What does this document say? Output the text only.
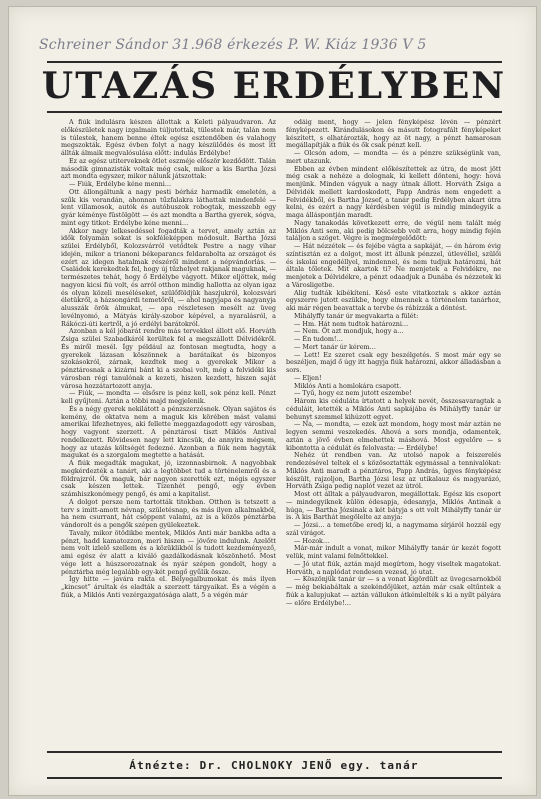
Schreiner Sándor 31.968 érkezés P. W. Kiáz 1936 V 5
UTAZÁS ERDÉLYBEN

A fiúk indulásra készen állottak a Keleti pályaudvaron. Az előkészületek nagy izgalmain túljutottak, tülestek már, talán nem is túlestek, hanem benne éltek egész esztendőben és valahogy megszokták. Egész évben folyt a nagy készülődés és most itt állták álmaik megvalósulása előtt: indulás Erdélybe!

Ez az egész utiterveknek ötlet eszméje először kezdődött. Talán második gimnazisták voltak még csak, mikor a kis Bartha Józsi azt mondta egyszer, mikor nálunk játszottak:

— Fiúk, Erdélybe kéne menni…

Ott állongáltunk a nagy pesti bérház harmadik emeletén, a szűk kis verandán, ahonnan tűzfalakra láthattak mindenfelé — lent villamosok, autók és autóbuszok robogtak, messzebb egy gyár kéménye füstölgött — és azt mondta a Bartha gyerek, sógva, mint egy titkot: Erdélybe kéne menni…

Akkor nagy lelkesedéssel fogadták a tervet, amely aztán az idők folyamán sokat is sokféleképpen módosult. Bartha Józsi szülei Erdélyből, Kolozsvárról vetődtek Pestre a nagy vihar idején, mikor a trianoni békeparancs feldarabolta az országot és ezért az idegen hatalmak részéről mindent a népvándorlás. — Családok kerekedtek fel, hogy új tűzhelyet rakjanak maguknak, — természetes tehát, hogy ő Erdélybe vágyott. Mikor eljöttek, még nagyon kicsi fiú volt, és arról otthon mindig hallotta az olyan igaz és olyan közeli meséléseket, szülőföldjük haszjukról, kolozsvári életükről, a házsongárdi temetőről, — ahol nagyjapa és nagyanyja alusszák örök álmukat, — apa részletesen mesélt az üveg levélnyomó, a Mátyás király-szobor képével, a nyaralásról, a Rákóczi-úti kertről, a jó erdélyi barátokról.

Azonban a kél jóbarát rendre más tervekkel állott elő. Horváth Zsiga szülei Szabadkáról kerültek fel a megszállott Délvidékről. És miről mesél. Így például az fontosan megtudta, hogy a gyerekek lázasan köszönnek a barátaikat és bizonyos szokásokról, zárnak, kezdtek meg a gyerekek Mikor a pénztárosnak a kizárni bánt ki a szobai volt, még a felvidéki kis városban régi tanulónak a kezeti, hiszen kezdett, hiszen saját városa hozzátartozott anyja.

— Fiúk, — mondta — elsősre is pénz kell, sok pénz kell. Pénzt kell gyűjteni. Aztán a többi majd megjelenik.

És a négy gyerek nekilátott a pénzszerzésnek. Olyan sajátos és kemény, de oktatva nem a maguk kis körében mást valami amerikai lifezhetnyes, aki fellette meggazdagodott egy városban, hogy vagyont szerzett. A pénztárosi tiszt Miklós Antival rendelkezett. Rövidesen nagy lett kincsük, de annyira mégsem, hogy az utazás költségét fedezné. Azonban a fiúk nem hagyták magukat és a szorgalom megtette a hatását.

A fiúk megadták magukat, jó, izzonnasbirnok. A nagyobbak megkérdezték a tanárt, aki a legtöbbet tud a történelemről és a földrajzról. Ők maguk, bár nagyon szerették ezt, mégis egyszer csak készen lettek. Tizenhét pengő, egy évben számhiszkonómegy pengő, és ami a kapitalist.

A dolgot persze nem tartották titokban. Otthon is tetszett a terv s imitt-amott névnap, születésnap, és más ilyen alkalmakból, ha nem csurrant, hát csöppent valami, az is a közös pénztárba vándorolt és a pengők szépen gyülekeztek.

Tavaly, mikor ötödikbe mentek, Miklós Anti már bankba adta a pénzt, hadd kamatozzon, meri hiszen — jövőre indulunk. Azelőtt nem volt izlelő szellem és a közüklikból is tudott kezdeményező, ami egész év alatt a kiváló gazdálkodásnak köszönhető. Most vége lett a húszsorozatnak és nyár szépen gondolt, hogy a pénztárba még legalább egy-két pengő gyűlik össze.

Így hitte — javára rakta el. Bélyegalbumokat és más ilyen „kincset” árultak és eladták a szerzett tárgyaikat. És a végén a fiúk, a Miklós Anti vezérgazgatósága alatt, 5 a végén már

odáig ment, hogy — jelen fényképész lévén — pénzért fényképezett. Kirándulásokon és másutt fotografált fényképeket készített, s elhatározták, hogy az öt nagy, a pénzt hamarosan megállapítják a fiúk és ők csak pénzt kell.

— Olcsón adom, — mondta — és a pénzre szükségünk van, mert utazunk.

Ebben az évben mindent előkészítettek az útra, de most jött még csak a nehéze a dolognak, ki kellett dönteni, hogy: hová menjünk. Minden vágyuk a nagy útnak állott. Horváth Zsiga a Délvidék mellett kardoskodott, Papp András nem engedett a Felvidékből, és Bartha József, a tanár pedig Erdélyben akart útra kelni, és ezért a nagy kérdésben végül is mindig mindegyik a maga álláspontján maradt.

Nagy tanakodás következett erre, de végül nem talált még Miklós Anti sem, aki pedig bölcsebb volt arra, hogy mindig fején találjon a szöget. Végre is megmérgelődött:

— Hát nézzétek — és fejébe vágta a sapkáját, — én három évig színtisztán ez a dolgot, most itt állunk pénzzel, útlevéllel, szülői és iskolai engedéllyel, mindennel, és nem tudjuk határozni, hát általa tőletek. Mit akartok ti? Ne menjetek a Felvidékre, ne menjetek a Délvidékre, a pénzt odaadjuk a Dunába és nézzetek ki a Városligetbe.

Alig tudták kibékíteni. Késő este vitatkoztak s akkor aztán egyszerre jutott eszükbe, hogy elmennek a történelem tanárhoz, aki már régen beavattak a tervbe és rábízzák a döntést.

Mihályffy tanár úr megvakarta a fülét:

— Hm. Hát nem tudtok határozni…

— Nem. Öt azt mondjuk, hogy a…

— Én tudom!…

— Mert tanár úr kérem…

— Lett! Ez szeret csak egy beszélgetés. S most már egy se beszéljen, majd ő úgy itt hagyja fiúk határozni, akkor álladásban a sors.

— Eljen!

Miklós Anti a homlokára csapott.

— Tyű, hogy ez nem jutott eszembe!

Három kis céduláta írtatott a helyek nevét, összesavaragtak a céduláit, letették a Miklós Anti sapkájába és Mihályffy tanár úr behunyt szemmel kihúzott egyet.

— Na, — mondta, — ezek azt mondom, hogy most már aztán ne legyen semmi veszekedés. Ahová a sors mondja, odamentek, aztán a jövő évben elmehettek máshová. Most egyelőre — s kibontotta a cédulát és felolvasta: — Erdélybe!

Nehéz út rendben van. Az utolsó napok a feiszerelés rendezésével teltek el s közösoztatták egymással a tennivalókat: Miklós Anti maradt a pénztáros, Papp András, ügyes fényképész készült, rajzoljon, Bartha Józsi lesz az utikalauz és magyarázó, Horváth Zsiga pedig naplót vezet az útról.

Most ott álltak a pályaudvaron, megállottak. Egész kis csoport — mindegyiknek külön édesapja, édesanyja, Miklós Antinak a húga, — Bartha Józsinak a két bátyja s ott volt Mihályffy tanár úr is. A kis Barthát megölelte az anyja:

— Józsi… a temetőbe eredj ki, a nagymama sírjáról hozzál egy szál virágot.

— Hozok…

Már-már indult a vonat, mikor Mihályffy tanár úr kezét fogott velük, mint valami felnőttekkel.

— Jó utat fiúk, aztán majd megírtom, hogy viseltek magatokat. Horváth, a naplódat rendesen vezesd, jó utat.

— Köszönjük tanár úr — s a vonat kigördült az üvegcsarnokból — még bekiabáltak a szekéndőjüket, aztán már csak eltűntek a fiúk a kalupjukat — aztán vállukon átkémlelték s ki a nyílt pályára — előre Erdélybe!…

Átnézte: Dr. CHOLNOKY JENŐ egy. tanár
